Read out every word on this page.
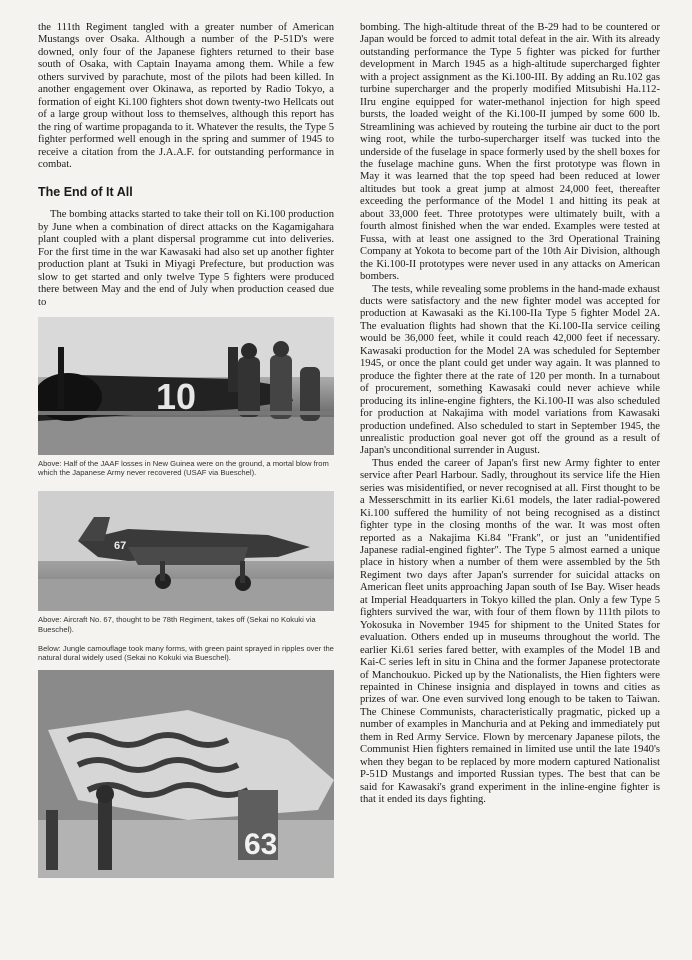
the 111th Regiment tangled with a greater number of American Mustangs over Osaka. Although a number of the P-51D's were downed, only four of the Japanese fighters returned to their base south of Osaka, with Captain Inayama among them. While a few others survived by parachute, most of the pilots had been killed. In another engagement over Okinawa, as reported by Radio Tokyo, a formation of eight Ki.100 fighters shot down twenty-two Hellcats out of a large group without loss to themselves, although this report has the ring of wartime propaganda to it. Whatever the results, the Type 5 fighter performed well enough in the spring and summer of 1945 to receive a citation from the J.A.A.F. for outstanding performance in combat.

The End of It All

The bombing attacks started to take their toll on Ki.100 production by June when a combination of direct attacks on the Kagamigahara plant coupled with a plant dispersal programme cut into deliveries. For the first time in the war Kawasaki had also set up another fighter production plant at Tsuki in Miyagi Prefecture, but production was slow to get started and only twelve Type 5 fighters were produced there between May and the end of July when production ceased due to

10

Above: Half of the JAAF losses in New Guinea were on the ground, a mortal blow from which the Japanese Army never recovered (USAF via Bueschel).

67

Above: Aircraft No. 67, thought to be 78th Regiment, takes off (Sekai no Kokuki via Bueschel).

Below: Jungle camouflage took many forms, with green paint sprayed in ripples over the natural dural widely used (Sekai no Kokuki via Bueschel).

63

bombing. The high-altitude threat of the B-29 had to be countered or Japan would be forced to admit total defeat in the air. With its already outstanding performance the Type 5 fighter was picked for further development in March 1945 as a high-altitude supercharged fighter with a project assignment as the Ki.100-III. By adding an Ru.102 gas turbine supercharger and the properly modified Mitsubishi Ha.112-IIru engine equipped for water-methanol injection for high speed bursts, the loaded weight of the Ki.100-II jumped by some 600 lb. Streamlining was achieved by routeing the turbine air duct to the port wing root, while the turbo-supercharger itself was tucked into the underside of the fuselage in space formerly used by the shell boxes for the fuselage machine guns. When the first prototype was flown in May it was learned that the top speed had been reduced at lower altitudes but took a great jump at almost 24,000 feet, thereafter exceeding the performance of the Model 1 and hitting its peak at about 33,000 feet. Three prototypes were ultimately built, with a fourth almost finished when the war ended. Examples were tested at Fussa, with at least one assigned to the 3rd Operational Training Company at Yokota to become part of the 10th Air Division, although the Ki.100-II prototypes were never used in any attacks on American bombers.

The tests, while revealing some problems in the hand-made exhaust ducts were satisfactory and the new fighter model was accepted for production at Kawasaki as the Ki.100-IIa Type 5 fighter Model 2A. The evaluation flights had shown that the Ki.100-IIa service ceiling would be 36,000 feet, while it could reach 42,000 feet if necessary. Kawasaki production for the Model 2A was scheduled for September 1945, or once the plant could get under way again. It was planned to produce the fighter there at the rate of 120 per month. In a turnabout of procurement, something Kawasaki could never achieve while producing its inline-engine fighters, the Ki.100-II was also scheduled for production at Nakajima with model variations from Kawasaki production undefined. Also scheduled to start in September 1945, the unrealistic production goal never got off the ground as a result of Japan's unconditional surrender in August.

Thus ended the career of Japan's first new Army fighter to enter service after Pearl Harbour. Sadly, throughout its service life the Hien series was misidentified, or never recognised at all. First thought to be a Messerschmitt in its earlier Ki.61 models, the later radial-powered Ki.100 suffered the humility of not being recognised as a distinct fighter type in the closing months of the war. It was most often reported as a Nakajima Ki.84 "Frank", or just an "unidentified Japanese radial-engined fighter". The Type 5 almost earned a unique place in history when a number of them were assembled by the 5th Regiment two days after Japan's surrender for suicidal attacks on American fleet units approaching Japan south of Ise Bay. Wiser heads at Imperial Headquarters in Tokyo killed the plan. Only a few Type 5 fighters survived the war, with four of them flown by 111th pilots to Yokosuka in November 1945 for shipment to the United States for evaluation. Others ended up in museums throughout the world. The earlier Ki.61 series fared better, with examples of the Model 1B and Kai-C series left in situ in China and the former Japanese protectorate of Manchoukuo. Picked up by the Nationalists, the Hien fighters were repainted in Chinese insignia and displayed in towns and cities as prizes of war. One even survived long enough to be taken to Taiwan. The Chinese Communists, characteristically pragmatic, picked up a number of examples in Manchuria and at Peking and immediately put them in Red Army Service. Flown by mercenary Japanese pilots, the Communist Hien fighters remained in limited use until the late 1940's when they began to be replaced by more modern captured Nationalist P-51D Mustangs and imported Russian types. The best that can be said for Kawasaki's grand experiment in the inline-engine fighter is that it ended its days fighting.
